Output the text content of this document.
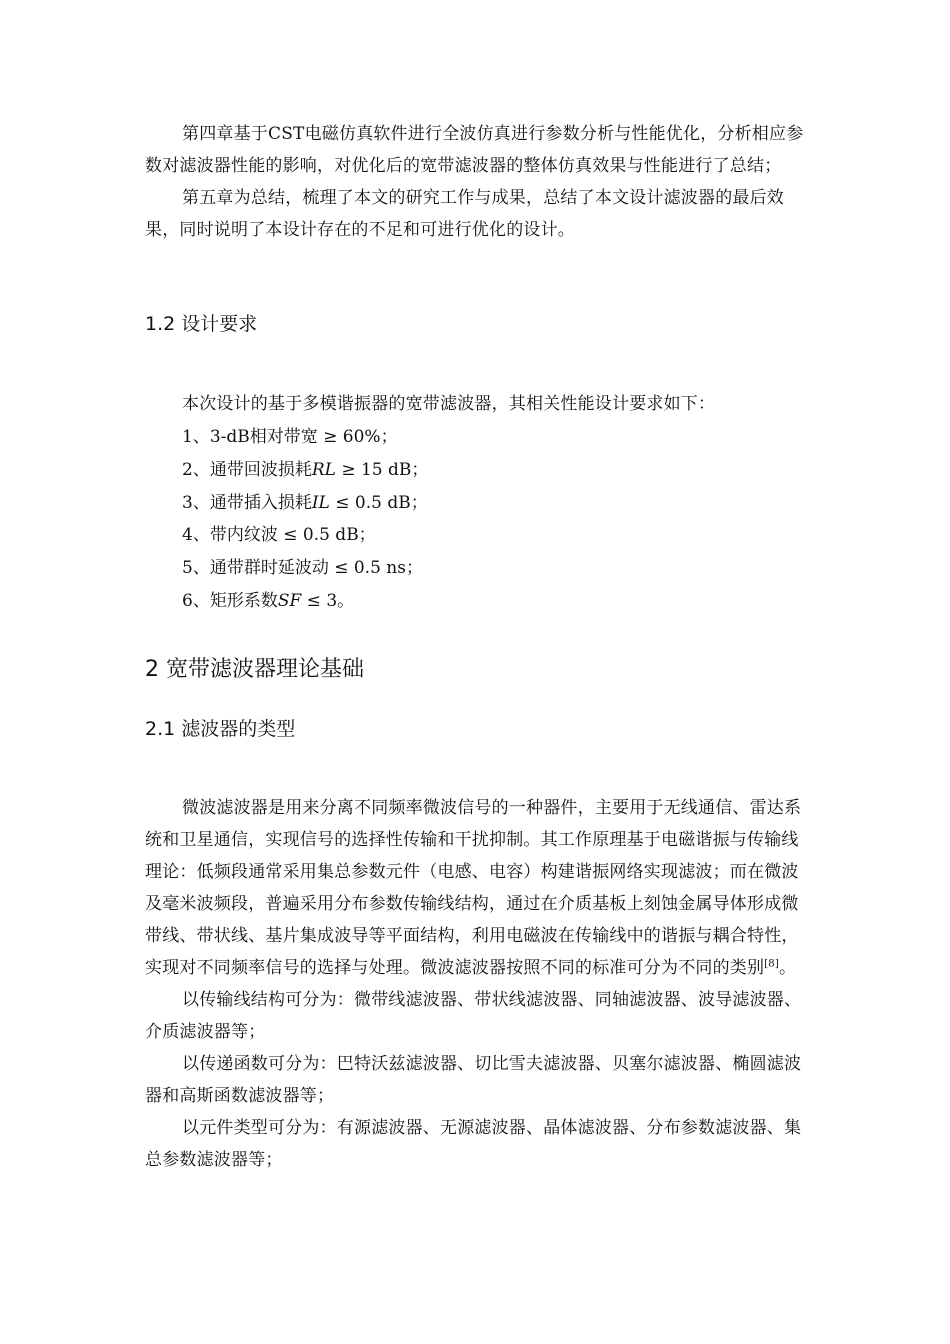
第四章基于CST电磁仿真软件进行全波仿真进行参数分析与性能优化，分析相应参数对滤波器性能的影响，对优化后的宽带滤波器的整体仿真效果与性能进行了总结；

第五章为总结，梳理了本文的研究工作与成果，总结了本文设计滤波器的最后效果，同时说明了本设计存在的不足和可进行优化的设计。

1.2 设计要求

本次设计的基于多模谐振器的宽带滤波器，其相关性能设计要求如下：

1、3-dB相对带宽 ≥ 60%；
2、通带回波损耗RL ≥ 15 dB；
3、通带插入损耗IL ≤ 0.5 dB；
4、带内纹波 ≤ 0.5 dB；
5、通带群时延波动 ≤ 0.5 ns；
6、矩形系数SF ≤ 3。
2 宽带滤波器理论基础
2.1 滤波器的类型

微波滤波器是用来分离不同频率微波信号的一种器件，主要用于无线通信、雷达系统和卫星通信，实现信号的选择性传输和干扰抑制。其工作原理基于电磁谐振与传输线理论：低频段通常采用集总参数元件（电感、电容）构建谐振网络实现滤波；而在微波及毫米波频段，普遍采用分布参数传输线结构，通过在介质基板上刻蚀金属导体形成微带线、带状线、基片集成波导等平面结构，利用电磁波在传输线中的谐振与耦合特性，实现对不同频率信号的选择与处理。微波滤波器按照不同的标准可分为不同的类别[8]。

以传输线结构可分为：微带线滤波器、带状线滤波器、同轴滤波器、波导滤波器、介质滤波器等；

以传递函数可分为：巴特沃兹滤波器、切比雪夫滤波器、贝塞尔滤波器、椭圆滤波器和高斯函数滤波器等；

以元件类型可分为：有源滤波器、无源滤波器、晶体滤波器、分布参数滤波器、集总参数滤波器等；
